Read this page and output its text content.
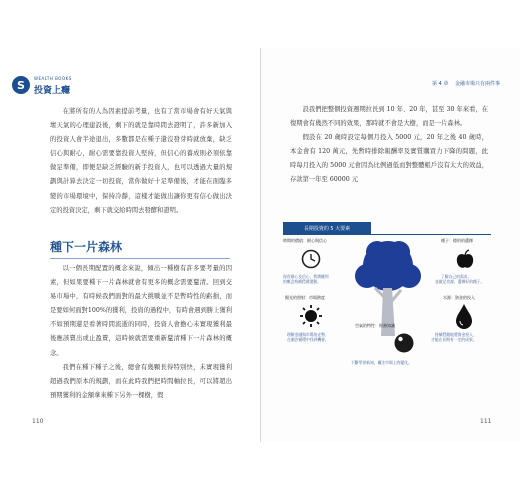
S	WEALTH BOOKS
投資上癮

在將所有的人為因素提前考量，也有了當市場會有好天氣與壞天氣的心理建設後，剩下的就是靠時間去證明了，許多新加入的投資人會半途退出，多數都是在種子還沒發芽時就放棄，缺乏信心與耐心，耐心需要靠投資人堅持，但信心的養成則必須依靠做足準備，即便是缺乏經驗的新手投資人，也可以透過大量的規劃與計算去決定一切投資，當你做好十足準備後，才能在面臨多變的市場環境中，保持冷靜，這樣才能做出讓你更有信心做出決定的投資決定，剩下就交給時間去發酵和證明。

種下一片森林

以一個長期配置的概念來說，傾出一種樹有許多要考量的因素，但如果要種下一片森林就會有更多的概念需要釐清。回到交易市場中，有時候我們面對的最大挑戰並不是暫時性的虧損，而是要如何面對100%的獲利，投資的過程中，有時會遇到勝上獲利不如預期還是看著時間流逝的同時，投資人會擔心未實現獲利最後應該賣出或止盈賣，這時候就需要重新釐清種下一片森林的概念。

我們在種下種子之後，總會有幾顆長得特別快，未實現獲利超過我們原本的規劃，而在此時我們把時間軸拉長，可以將超出預期獲利的金額拿來種下另外一棵樹，假

110
第 4 章 金融市場只有兩件事

設我們把整個投資週期拉長到 10 年、20 年，甚至 30 年來看，在復期會有幾然不同的效果，那時就不會是大樹，而是一片森林。

假設在 20 歲時設定每個月投入 5000 元，20 年之後 40 歲時，本金會有 120 萬元，先暫時排除報酬率及實質購買力下降的問題，此時每月投入的 5000 元會因為比例過低而對整體帳戶沒有太大的效益，存款第一年至 60000 元

長期投資的 5 大要素
時間的價值：耐心與信心
保有耐心及信心，利潤權利
的概念持續穩健滾動。
種子：標的的選擇
了解自己的需求，
並做足功課，選擇好的種子。
陽光的照射：市場熱度
理解金融與市場的走勢，
在潮汐循環中找到機會。
空氣的特性：財務知識
水源：資金的投入
持續穩健地將資金投入，
才能在長期有一定的成果。
不斷學習新知，關注市場上的變化。
111
